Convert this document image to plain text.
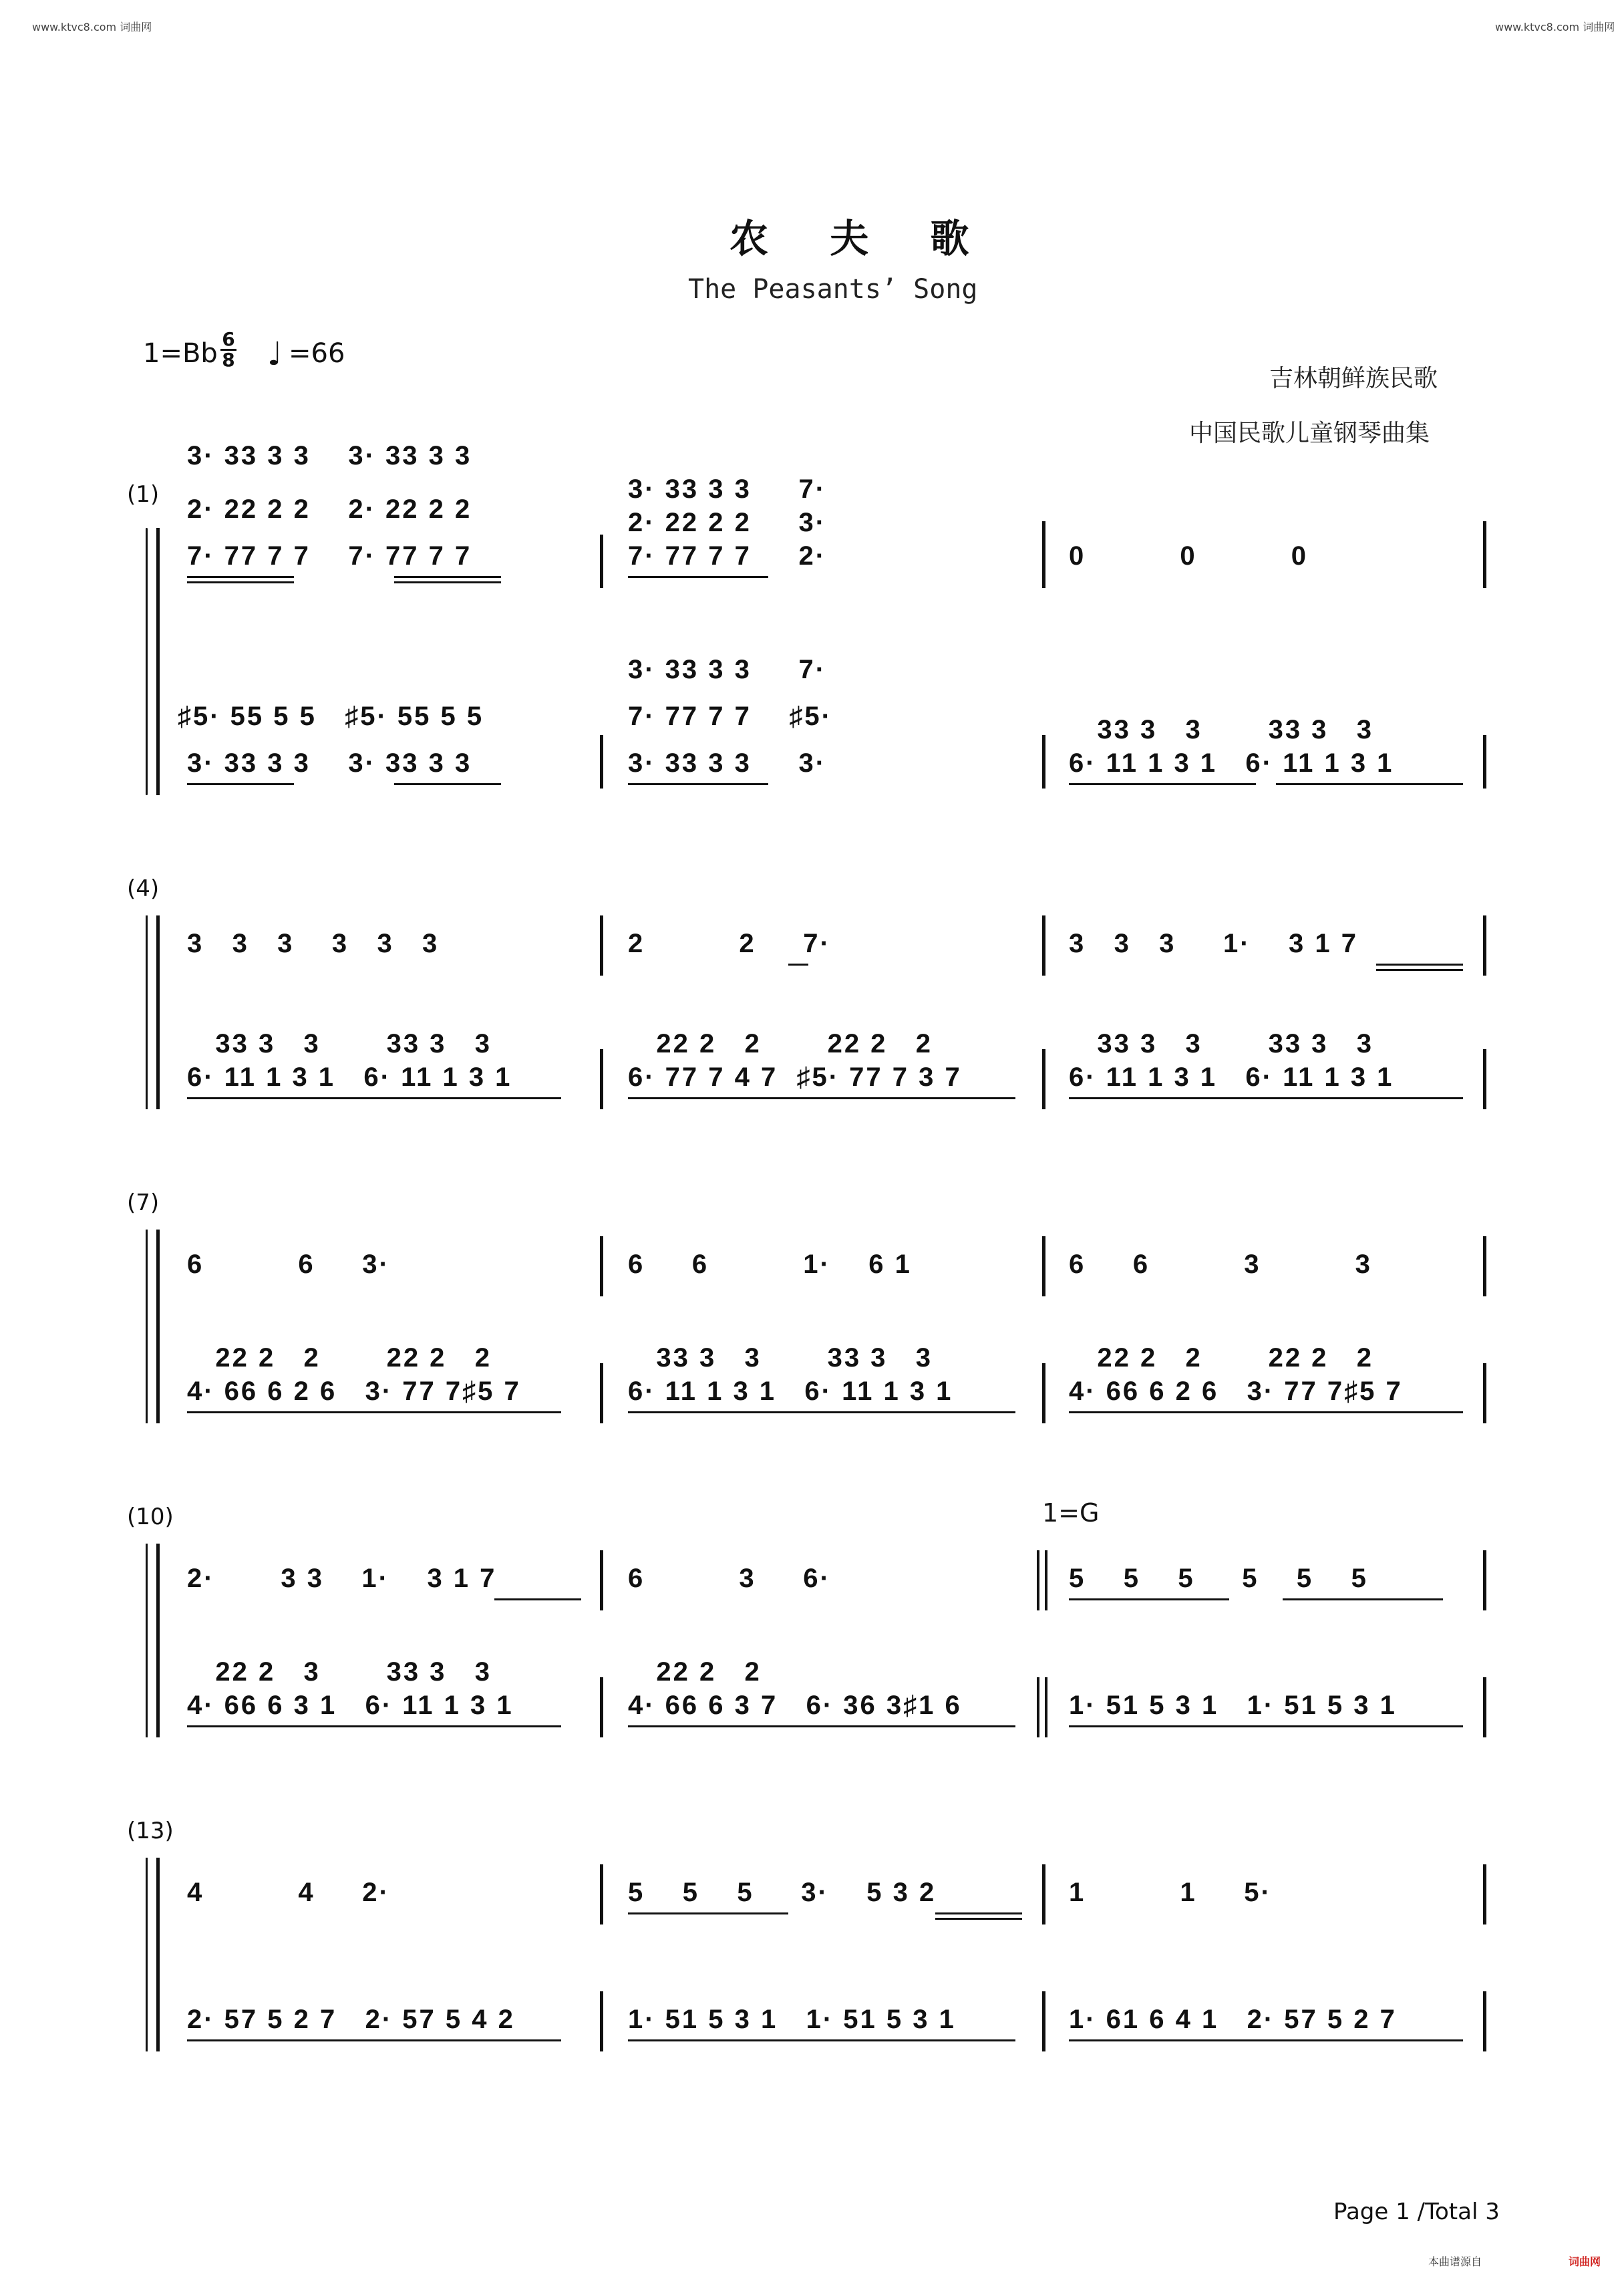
www.ktvc8.com 词曲网	www.ktvc8.com 词曲网
农 夫 歌
The Peasants’ Song
1=Bb 6
8 ♩ =66
吉林朝鲜族民歌
中国民歌儿童钢琴曲集
(1)
3· 33 3 3    3· 33 3 3
2· 22 2 2    2· 22 2 2
7· 77 7 7    7· 77 7 7
3· 33 3 3     7·
2· 22 2 2     3·
7· 77 7 7     2·	0          0          0
♯5· 55 5 5   ♯5· 55 5 5
3· 33 3 3    3· 33 3 3
3· 33 3 3     7·
7· 77 7 7    ♯5·
3· 33 3 3     3·
33 3   3       33 3   3
6· 11 1 3 1   6· 11 1 3 1
(4)
3   3   3    3   3   3	2          2     7·	3   3   3     1·    3 1 7
33 3   3       33 3   3
6· 11 1 3 1   6· 11 1 3 1
22 2   2       22 2   2
6· 77 7 4 7  ♯5· 77 7 3 7
33 3   3       33 3   3
6· 11 1 3 1   6· 11 1 3 1
(7)
6          6     3·	6     6          1·    6 1	6     6          3          3
22 2   2       22 2   2
4· 66 6 2 6   3· 77 7♯5 7
33 3   3       33 3   3
6· 11 1 3 1   6· 11 1 3 1
22 2   2       22 2   2
4· 66 6 2 6   3· 77 7♯5 7
(10)	1=G
2·       3 3    1·    3 1 7	6          3     6·	5    5    5     5    5    5
22 2   3       33 3   3
4· 66 6 3 1   6· 11 1 3 1
22 2   2
4· 66 6 3 7   6· 36 3♯1 6	1· 51 5 3 1   1· 51 5 3 1
(13)
4          4     2·	5    5    5     3·    5 3 2	1          1     5·
2· 57 5 2 7   2· 57 5 4 2	1· 51 5 3 1   1· 51 5 3 1	1· 61 6 4 1   2· 57 5 2 7
Page 1 /Total 3
本曲谱源自	词曲网
